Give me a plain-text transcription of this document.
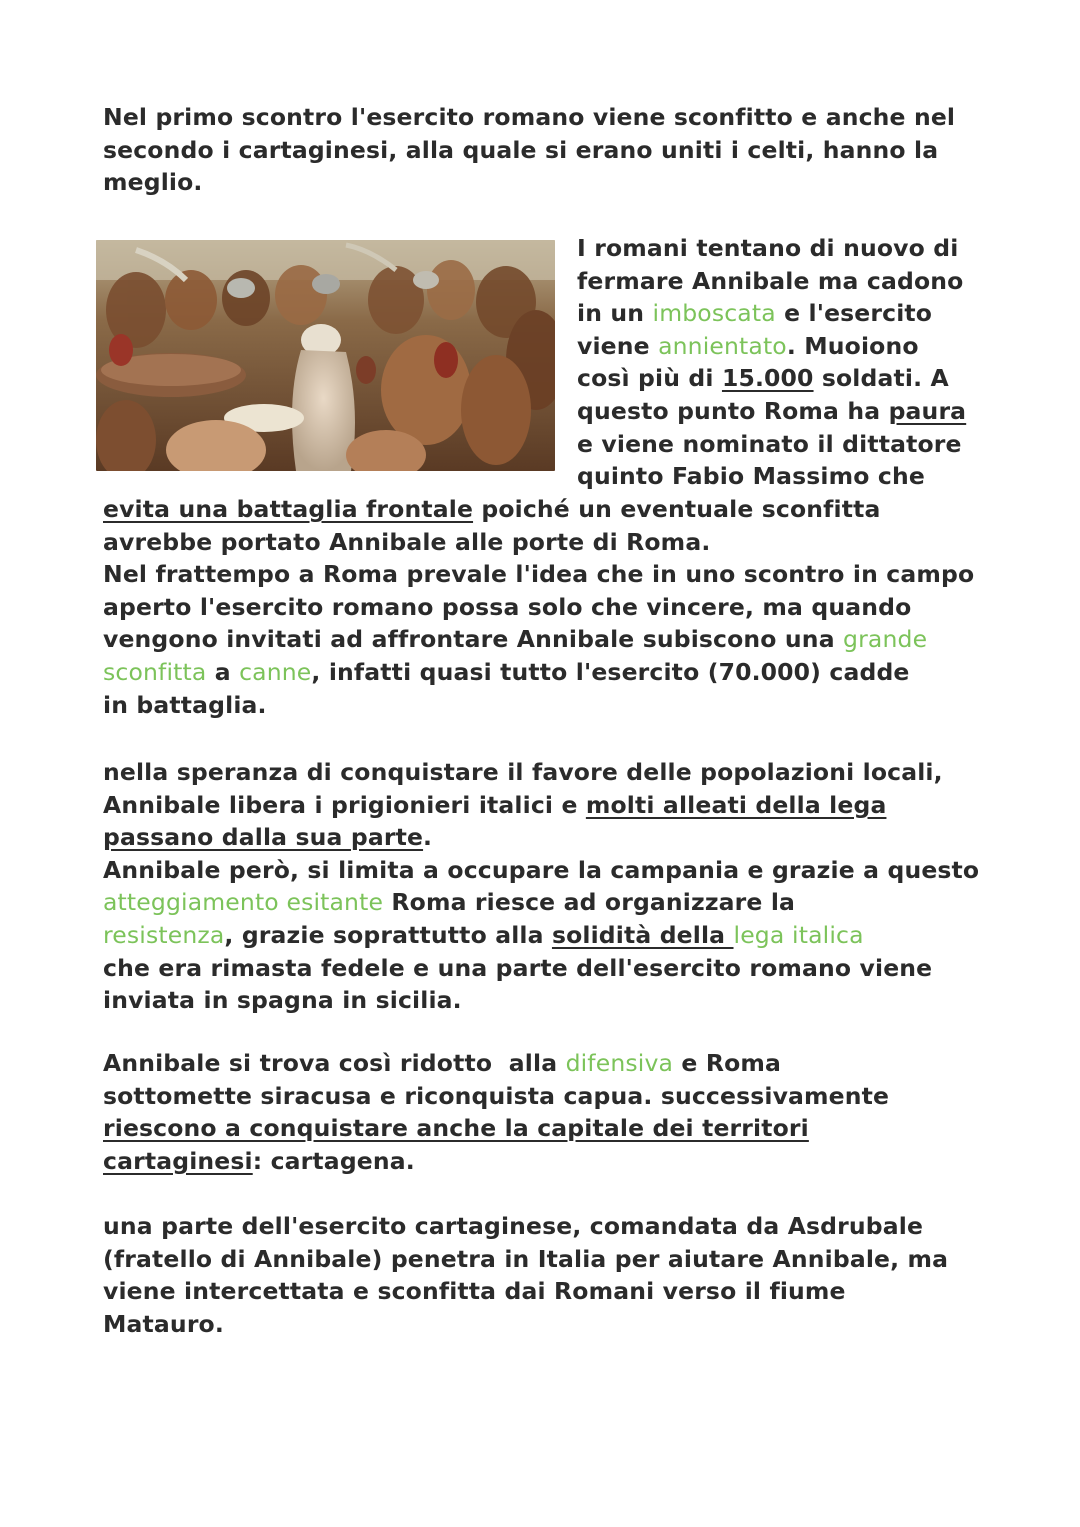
Nel primo scontro l'esercito romano viene sconfitto e anche nel
secondo i cartaginesi, alla quale si erano uniti i celti, hanno la
meglio.
I romani tentano di nuovo di
fermare Annibale ma cadono
in un imboscata e l'esercito
viene annientato. Muoiono
così più di 15.000 soldati. A
questo punto Roma ha paura
e viene nominato il dittatore
quinto Fabio Massimo che
evita una battaglia frontale poiché un eventuale sconfitta
avrebbe portato Annibale alle porte di Roma.
Nel frattempo a Roma prevale l'idea che in uno scontro in campo
aperto l'esercito romano possa solo che vincere, ma quando
vengono invitati ad affrontare Annibale subiscono una grande
sconfitta a canne, infatti quasi tutto l'esercito (70.000) cadde
in battaglia.
nella speranza di conquistare il favore delle popolazioni locali,
Annibale libera i prigionieri italici e molti alleati della lega
passano dalla sua parte.
Annibale però, si limita a occupare la campania e grazie a questo
atteggiamento esitante Roma riesce ad organizzare la
resistenza, grazie soprattutto alla solidità della lega italica
che era rimasta fedele e una parte dell'esercito romano viene
inviata in spagna in sicilia.
Annibale si trova così ridotto  alla difensiva e Roma
sottomette siracusa e riconquista capua. successivamente
riescono a conquistare anche la capitale dei territori
cartaginesi: cartagena.
una parte dell'esercito cartaginese, comandata da Asdrubale
(fratello di Annibale) penetra in Italia per aiutare Annibale, ma
viene intercettata e sconfitta dai Romani verso il fiume
Matauro.
